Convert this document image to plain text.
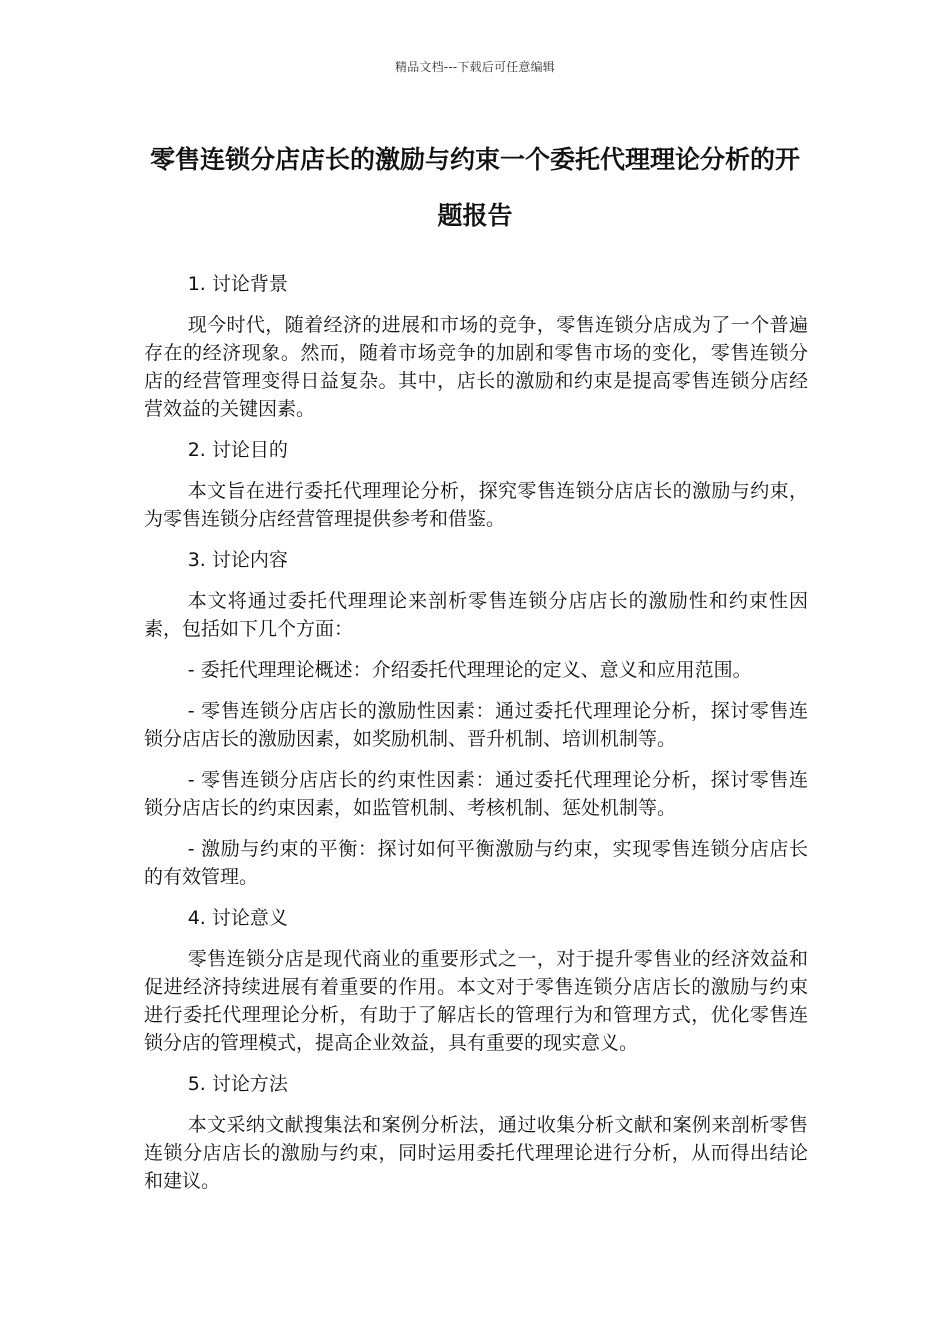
精品文档---下载后可任意编辑
零售连锁分店店长的激励与约束一个委托代理理论分析的开题报告

1. 讨论背景

现今时代，随着经济的进展和市场的竞争，零售连锁分店成为了一个普遍存在的经济现象。然而，随着市场竞争的加剧和零售市场的变化，零售连锁分店的经营管理变得日益复杂。其中，店长的激励和约束是提高零售连锁分店经营效益的关键因素。

2. 讨论目的

本文旨在进行委托代理理论分析，探究零售连锁分店店长的激励与约束，为零售连锁分店经营管理提供参考和借鉴。

3. 讨论内容

本文将通过委托代理理论来剖析零售连锁分店店长的激励性和约束性因素，包括如下几个方面：

- 委托代理理论概述：介绍委托代理理论的定义、意义和应用范围。

- 零售连锁分店店长的激励性因素：通过委托代理理论分析，探讨零售连锁分店店长的激励因素，如奖励机制、晋升机制、培训机制等。

- 零售连锁分店店长的约束性因素：通过委托代理理论分析，探讨零售连锁分店店长的约束因素，如监管机制、考核机制、惩处机制等。

- 激励与约束的平衡：探讨如何平衡激励与约束，实现零售连锁分店店长的有效管理。

4. 讨论意义

零售连锁分店是现代商业的重要形式之一，对于提升零售业的经济效益和促进经济持续进展有着重要的作用。本文对于零售连锁分店店长的激励与约束进行委托代理理论分析，有助于了解店长的管理行为和管理方式，优化零售连锁分店的管理模式，提高企业效益，具有重要的现实意义。

5. 讨论方法

本文采纳文献搜集法和案例分析法，通过收集分析文献和案例来剖析零售连锁分店店长的激励与约束，同时运用委托代理理论进行分析，从而得出结论和建议。
